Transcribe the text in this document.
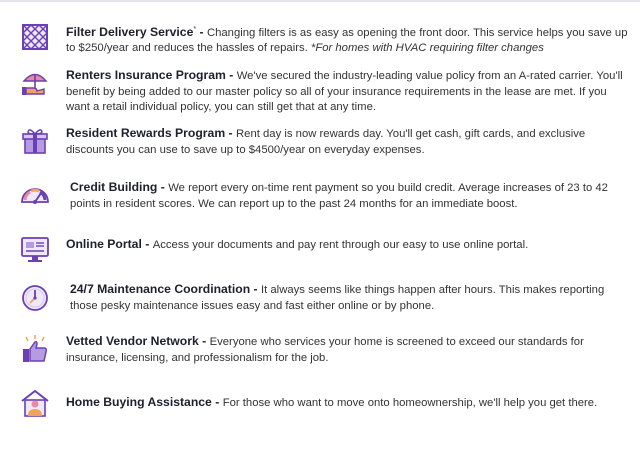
Filter Delivery Service* - Changing filters is as easy as opening the front door. This service helps you save up to $250/year and reduces the hassles of repairs. *For homes with HVAC requiring filter changes
Renters Insurance Program - We've secured the industry-leading value policy from an A-rated carrier. You'll benefit by being added to our master policy so all of your insurance requirements in the lease are met. If you want a retail individual policy, you can still get that at any time.
Resident Rewards Program - Rent day is now rewards day. You'll get cash, gift cards, and exclusive discounts you can use to save up to $4500/year on everyday expenses.
Credit Building - We report every on-time rent payment so you build credit. Average increases of 23 to 42 points in resident scores. We can report up to the past 24 months for an immediate boost.
Online Portal - Access your documents and pay rent through our easy to use online portal.
24/7 Maintenance Coordination - It always seems like things happen after hours. This makes reporting those pesky maintenance issues easy and fast either online or by phone.
Vetted Vendor Network - Everyone who services your home is screened to exceed our standards for insurance, licensing, and professionalism for the job.
Home Buying Assistance - For those who want to move onto homeownership, we'll help you get there.
